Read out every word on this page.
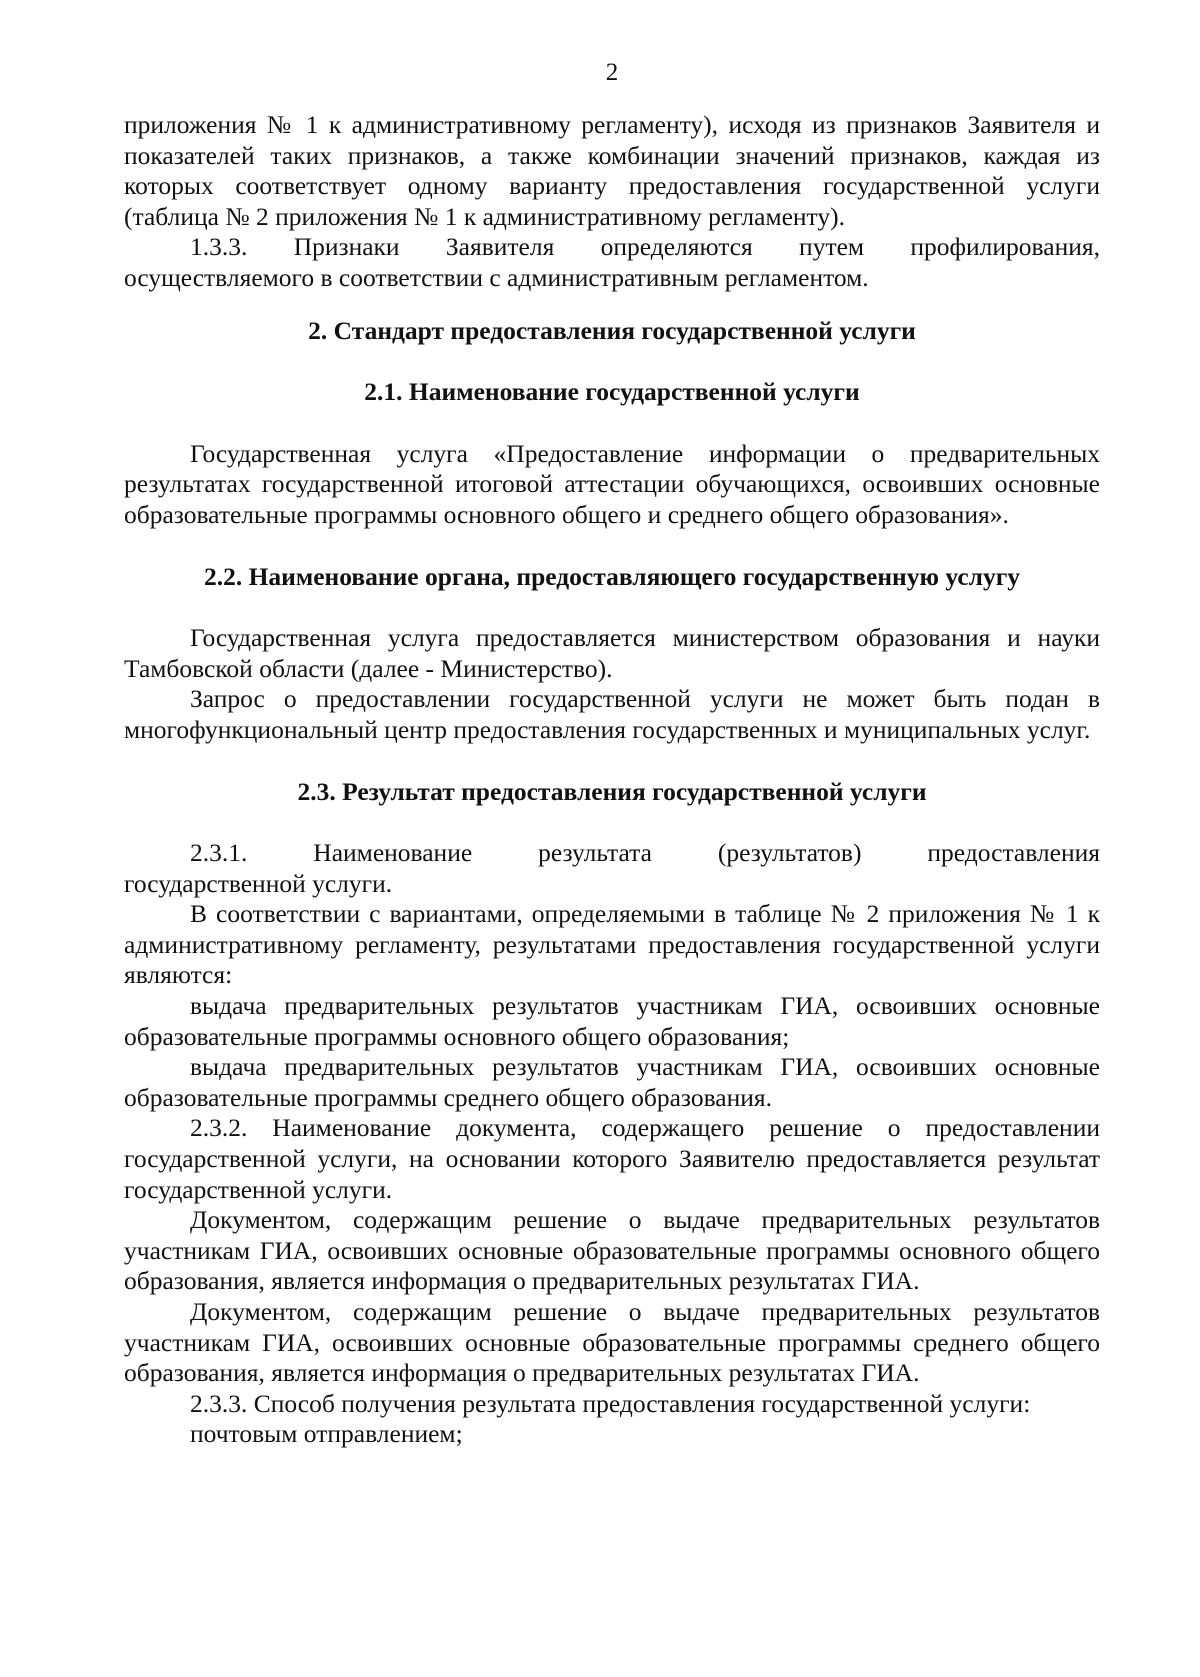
2

приложения № 1 к административному регламенту), исходя из признаков Заявителя и показателей таких признаков, а также комбинации значений признаков, каждая из которых соответствует одному варианту предоставления государственной услуги (таблица № 2 приложения № 1 к административному регламенту).

1.3.3. Признаки Заявителя определяются путем профилирования,

осуществляемого в соответствии с административным регламентом.

2. Стандарт предоставления государственной услуги
2.1. Наименование государственной услуги

Государственная услуга «Предоставление информации о предварительных результатах государственной итоговой аттестации обучающихся, освоивших основные образовательные программы основного общего и среднего общего образования».

2.2. Наименование органа, предоставляющего государственную услугу

Государственная услуга предоставляется министерством образования и науки Тамбовской области (далее - Министерство).

Запрос о предоставлении государственной услуги не может быть подан в многофункциональный центр предоставления государственных и муниципальных услуг.

2.3. Результат предоставления государственной услуги
2.3.1.	Наименование	результата	(результатов)	предоставления

государственной услуги.

В соответствии с вариантами, определяемыми в таблице № 2 приложения № 1 к административному регламенту, результатами предоставления государственной услуги являются:

выдача предварительных результатов участникам ГИА, освоивших основные образовательные программы основного общего образования;

выдача предварительных результатов участникам ГИА, освоивших основные образовательные программы среднего общего образования.

2.3.2. Наименование документа, содержащего решение о предоставлении государственной услуги, на основании которого Заявителю предоставляется результат государственной услуги.

Документом, содержащим решение о выдаче предварительных результатов участникам ГИА, освоивших основные образовательные программы основного общего образования, является информация о предварительных результатах ГИА.

Документом, содержащим решение о выдаче предварительных результатов участникам ГИА, освоивших основные образовательные программы среднего общего образования, является информация о предварительных результатах ГИА.

2.3.3. Способ получения результата предоставления государственной услуги:

почтовым отправлением;
